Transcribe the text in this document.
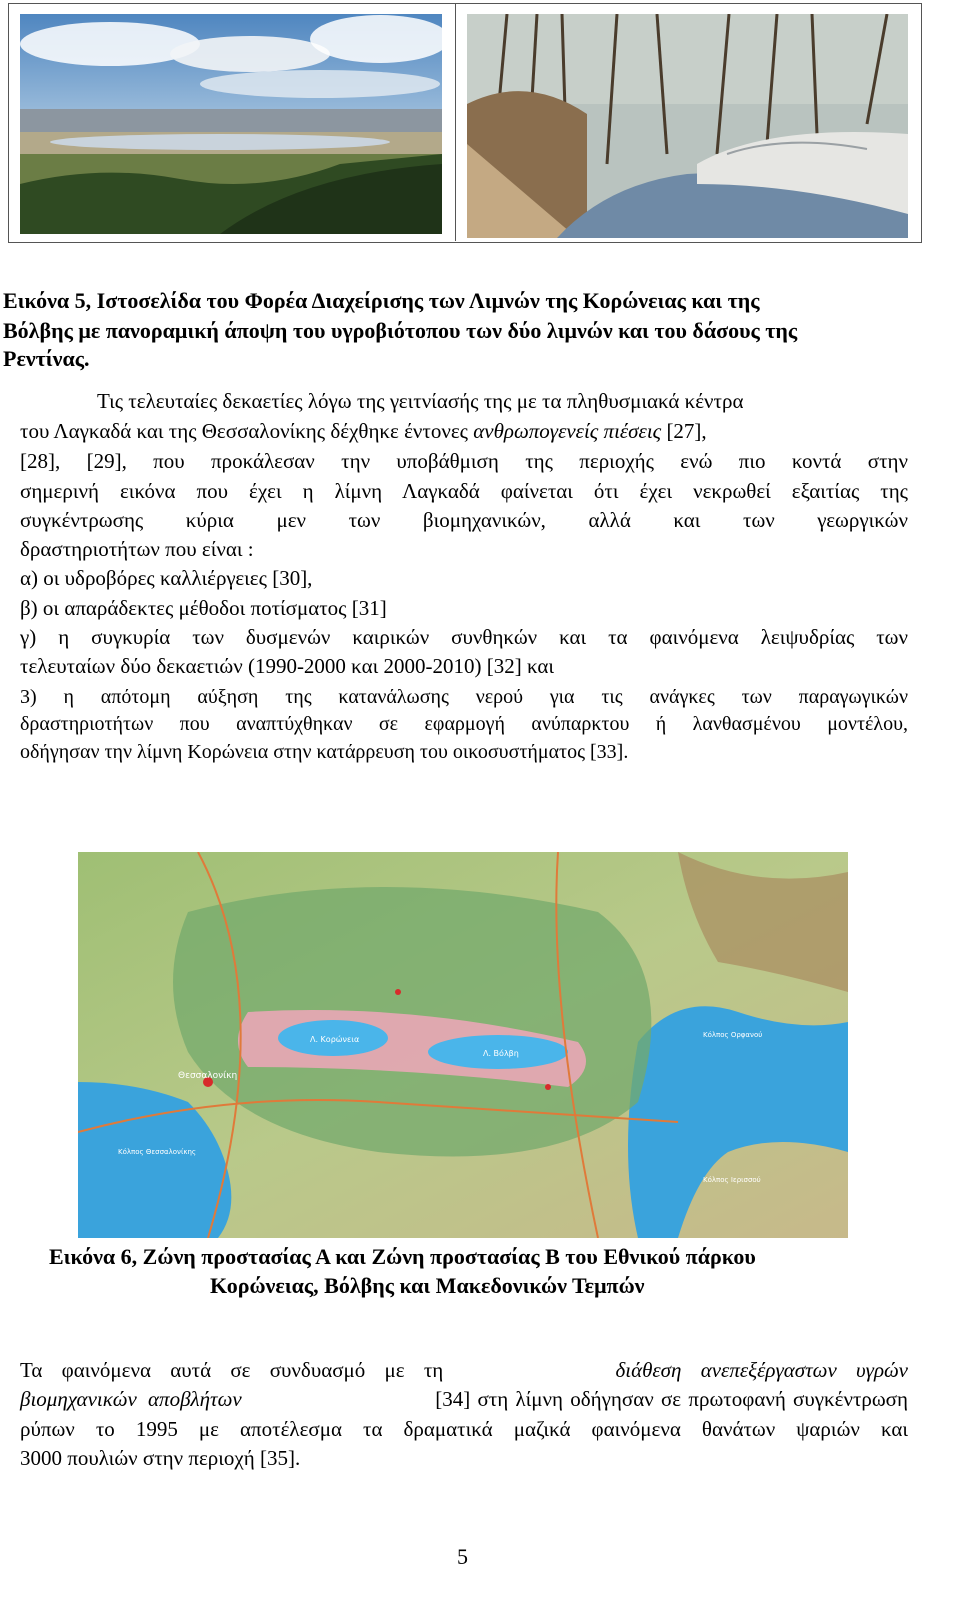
Εικόνα 5, Ιστοσελίδα του Φορέα Διαχείρισης των Λιμνών της Κορώνειας και της
Βόλβης με πανοραμική άποψη του υγροβιότοπου των δύο λιμνών και του δάσους της
Ρεντίνας.
Τις τελευταίες δεκαετίες λόγω της γειτνίασής της με τα πληθυσμιακά κέντρα
του Λαγκαδά και της Θεσσαλονίκης δέχθηκε έντονες ανθρωπογενείς πιέσεις [27],
[28], [29], που προκάλεσαν την υποβάθμιση της περιοχής ενώ πιο κοντά στην
σημερινή εικόνα που έχει η λίμνη Λαγκαδά φαίνεται ότι έχει νεκρωθεί εξαιτίας της
συγκέντρωσης κύρια μεν των βιομηχανικών, αλλά και των γεωργικών
δραστηριοτήτων που είναι :
α) οι υδροβόρες καλλιέργειες [30],
β) οι απαράδεκτες μέθοδοι ποτίσματος [31]
γ) η συγκυρία των δυσμενών καιρικών συνθηκών και τα φαινόμενα λειψυδρίας των
τελευταίων δύο δεκαετιών (1990-2000 και 2000-2010) [32] και
3) η απότομη αύξηση της κατανάλωσης νερού για τις ανάγκες των παραγωγικών
δραστηριοτήτων που αναπτύχθηκαν σε εφαρμογή ανύπαρκτου ή λανθασμένου μοντέλου,
οδήγησαν την λίμνη Κορώνεια στην κατάρρευση του οικοσυστήματος [33].
Λ. Κορώνεια
Λ. Βόλβη
Θεσσαλονίκη
Κόλπος Θεσσαλονίκης
Κόλπος Ορφανού
Κόλπος Ιερισσού
Εικόνα 6, Ζώνη προστασίας Α και Ζώνη προστασίας Β του Εθνικού πάρκου
Κορώνειας, Βόλβης και Μακεδονικών Τεμπών
Τα φαινόμενα αυτά σε συνδυασμό με τη	διάθεση ανεπεξέργαστων υγρών
βιομηχανικών αποβλήτων	[34] στη λίμνη οδήγησαν σε πρωτοφανή συγκέντρωση
ρύπων το 1995 με αποτέλεσμα τα δραματικά μαζικά φαινόμενα θανάτων ψαριών και
3000 πουλιών στην περιοχή [35].
5
